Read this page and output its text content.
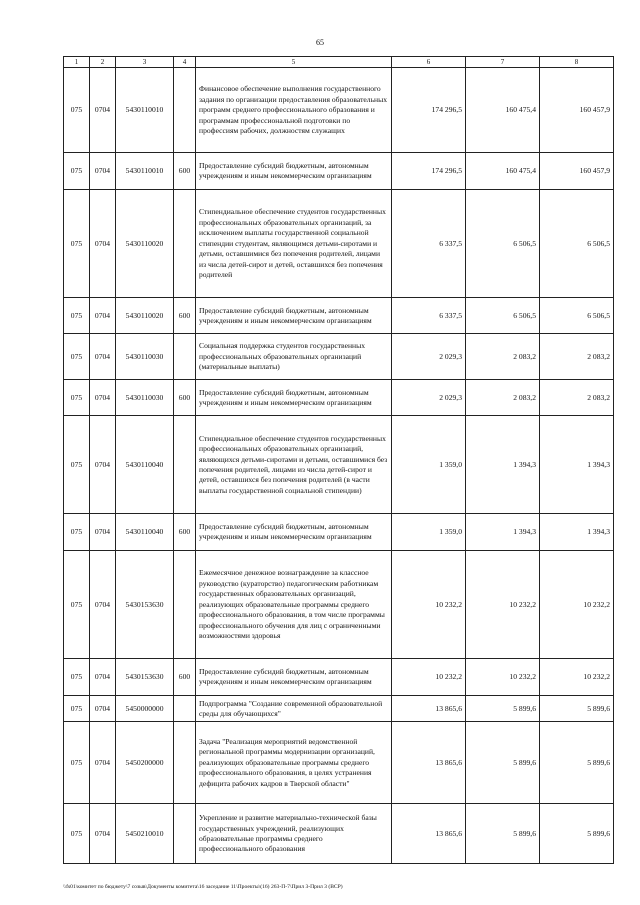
65
1	2	3	4	5	6	7	8
075	0704	5430110010		Финансовое обеспечение выполнения государственного задания по организации предоставления образовательных программ среднего профессионального образования и программам профессиональной подготовки по профессиям рабочих, должностям служащих	174 296,5	160 475,4	160 457,9
075	0704	5430110010	600	Предоставление субсидий бюджетным, автономным учреждениям и иным некоммерческим организациям	174 296,5	160 475,4	160 457,9
075	0704	5430110020		Стипендиальное обеспечение студентов государственных профессиональных образовательных организаций, за исключением выплаты государственной социальной стипендии студентам, являющимся детьми-сиротами и детьми, оставшимися без попечения родителей, лицами из числа детей-сирот и детей, оставшихся без попечения родителей	6 337,5	6 506,5	6 506,5
075	0704	5430110020	600	Предоставление субсидий бюджетным, автономным учреждениям и иным некоммерческим организациям	6 337,5	6 506,5	6 506,5
075	0704	5430110030		Социальная поддержка студентов государственных профессиональных образовательных организаций (материальные выплаты)	2 029,3	2 083,2	2 083,2
075	0704	5430110030	600	Предоставление субсидий бюджетным, автономным учреждениям и иным некоммерческим организациям	2 029,3	2 083,2	2 083,2
075	0704	5430110040		Стипендиальное обеспечение студентов государственных профессиональных образовательных организаций, являющихся детьми-сиротами и детьми, оставшимися без попечения родителей, лицами из числа детей-сирот и детей, оставшихся без попечения родителей (в части выплаты государственной социальной стипендии)	1 359,0	1 394,3	1 394,3
075	0704	5430110040	600	Предоставление субсидий бюджетным, автономным учреждениям и иным некоммерческим организациям	1 359,0	1 394,3	1 394,3
075	0704	5430153630		Ежемесячное денежное вознаграждение за классное руководство (кураторство) педагогическим работникам государственных образовательных организаций, реализующих образовательные программы среднего профессионального образования, в том числе программы профессионального обучения для лиц с ограниченными возможностями здоровья	10 232,2	10 232,2	10 232,2
075	0704	5430153630	600	Предоставление субсидий бюджетным, автономным учреждениям и иным некоммерческим организациям	10 232,2	10 232,2	10 232,2
075	0704	5450000000		Подпрограмма "Создание современной образовательной среды для обучающихся"	13 865,6	5 899,6	5 899,6
075	0704	5450200000		Задача "Реализация мероприятий ведомственной региональной программы модернизации организаций, реализующих образовательные программы среднего профессионального образования, в целях устранения дефицита рабочих кадров в Тверской области"	13 865,6	5 899,6	5 899,6
075	0704	5450210010		Укрепление и развитие материально-технической базы государственных учреждений, реализующих образовательные программы среднего профессионального образования	13 865,6	5 899,6	5 899,6
\\fs01\комитет по бюджету\7 созыв\Документы комитета\16 заседание 11\Проекты\(16) 263-П-7\Прил 3-Прил 3 (ВСР)
